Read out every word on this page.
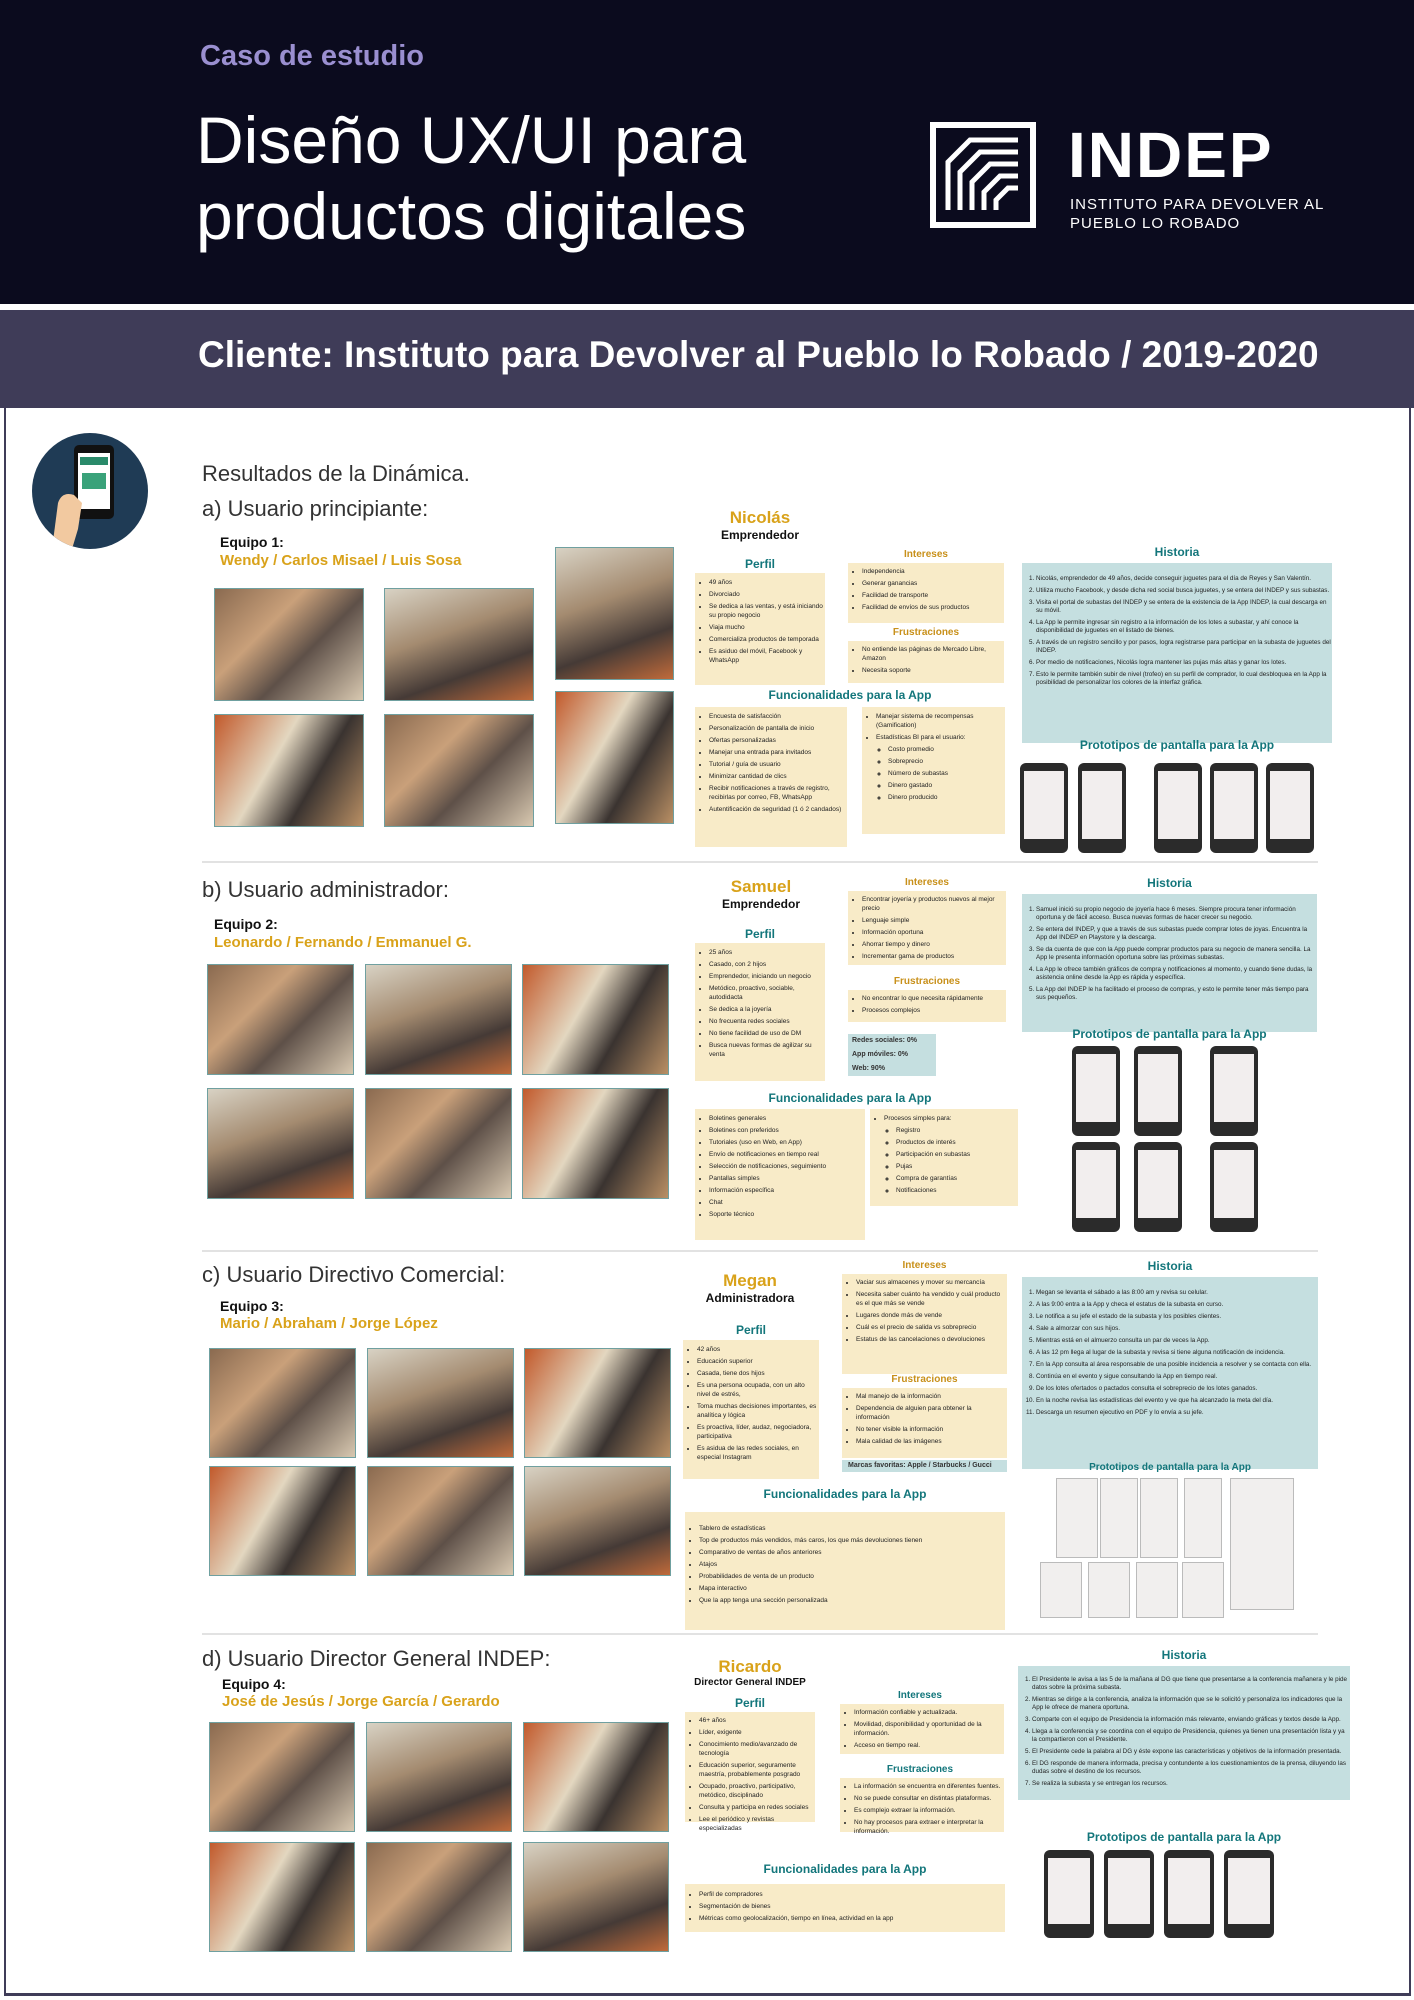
Caso de estudio
Diseño UX/UI para productos digitales
INDEP
INSTITUTO PARA DEVOLVER AL PUEBLO LO ROBADO
Cliente: Instituto para Devolver al Pueblo lo Robado / 2019-2020
Resultados de la Dinámica.
a) Usuario principiante:
Equipo 1:
Wendy / Carlos Misael / Luis Sosa
Nicolás
Emprendedor
Perfil
• 49 años
• Divorciado
• Se dedica a las ventas, y está iniciando su propio negocio
• Viaja mucho
• Comercializa productos de temporada
• Es asiduo del móvil, Facebook y WhatsApp
Intereses
• Independencia
• Generar ganancias
• Facilidad de transporte
• Facilidad de envíos de sus productos
Frustraciones
• No entiende las páginas de Mercado Libre, Amazon
• Necesita soporte
Funcionalidades para la App
• Encuesta de satisfacción
• Personalización de pantalla de inicio
• Ofertas personalizadas
• Manejar una entrada para invitados
• Tutorial / guía de usuario
• Minimizar cantidad de clics
• Recibir notificaciones a través de registro, recibirlas por correo, FB, WhatsApp
• Autentificación de seguridad (1 ó 2 candados)
• Manejar sistema de recompensas (Gamification)
• Estadísticas BI para el usuario:
◦ Costo promedio
◦ Sobreprecio
◦ Número de subastas
◦ Dinero gastado
◦ Dinero producido
Historia
1. Nicolás, emprendedor de 49 años, decide conseguir juguetes para el día de Reyes y San Valentín.
2. Utiliza mucho Facebook, y desde dicha red social busca juguetes, y se entera del INDEP y sus subastas.
3. Visita el portal de subastas del INDEP y se entera de la existencia de la App INDEP, la cual descarga en su móvil.
4. La App le permite ingresar sin registro a la información de los lotes a subastar, y ahí conoce la disponibilidad de juguetes en el listado de bienes.
5. A través de un registro sencillo y por pasos, logra registrarse para participar en la subasta de juguetes del INDEP.
6. Por medio de notificaciones, Nicolás logra mantener las pujas más altas y ganar los lotes.
7. Esto le permite también subir de nivel (trofeo) en su perfil de comprador, lo cual desbloquea en la App la posibilidad de personalizar los colores de la interfaz gráfica.
Prototipos de pantalla para la App
b) Usuario administrador:
Equipo 2:
Leonardo / Fernando / Emmanuel G.
Samuel
Emprendedor
Perfil
• 25 años
• Casado, con 2 hijos
• Emprendedor, iniciando un negocio
• Metódico, proactivo, sociable, autodidacta
• Se dedica a la joyería
• No frecuenta redes sociales
• No tiene facilidad de uso de DM
• Busca nuevas formas de agilizar su venta
Intereses
• Encontrar joyería y productos nuevos al mejor precio
• Lenguaje simple
• Información oportuna
• Ahorrar tiempo y dinero
• Incrementar gama de productos
Frustraciones
• No encontrar lo que necesita rápidamente
• Procesos complejos
Redes sociales: 0%
App móviles: 0%
Web: 90%
Funcionalidades para la App
• Boletines generales
• Boletines con preferidos
• Tutoriales (uso en Web, en App)
• Envío de notificaciones en tiempo real
• Selección de notificaciones, seguimiento
• Pantallas simples
• Información específica
• Chat
• Soporte técnico
• Procesos simples para:
◦ Registro
◦ Productos de interés
◦ Participación en subastas
◦ Pujas
◦ Compra de garantías
◦ Notificaciones
Historia
1. Samuel inició su propio negocio de joyería hace 6 meses. Siempre procura tener información oportuna y de fácil acceso. Busca nuevas formas de hacer crecer su negocio.
2. Se entera del INDEP, y que a través de sus subastas puede comprar lotes de joyas. Encuentra la App del INDEP en Playstore y la descarga.
3. Se da cuenta de que con la App puede comprar productos para su negocio de manera sencilla. La App le presenta información oportuna sobre las próximas subastas.
4. La App le ofrece también gráficos de compra y notificaciones al momento, y cuando tiene dudas, la asistencia online desde la App es rápida y específica.
5. La App del INDEP le ha facilitado el proceso de compras, y esto le permite tener más tiempo para sus pequeños.
Prototipos de pantalla para la App
c) Usuario Directivo Comercial:
Equipo 3:
Mario / Abraham / Jorge López
Megan
Administradora
Perfil
• 42 años
• Educación superior
• Casada, tiene dos hijos
• Es una persona ocupada, con un alto nivel de estrés,
• Toma muchas decisiones importantes, es analítica y lógica
• Es proactiva, líder, audaz, negociadora, participativa
• Es asidua de las redes sociales, en especial Instagram
Intereses
• Vaciar sus almacenes y mover su mercancía
• Necesita saber cuánto ha vendido y cuál producto es el que más se vende
• Lugares donde más de vende
• Cuál es el precio de salida vs sobreprecio
• Estatus de las cancelaciones o devoluciones
Frustraciones
• Mal manejo de la información
• Dependencia de alguien para obtener la información
• No tener visible la información
• Mala calidad de las imágenes
Marcas favoritas: Apple / Starbucks / Gucci
Funcionalidades para la App
• Tablero de estadísticas
• Top de productos más vendidos, más caros, los que más devoluciones tienen
• Comparativo de ventas de años anteriores
• Atajos
• Probabilidades de venta de un producto
• Mapa interactivo
• Que la app tenga una sección personalizada
Historia
1. Megan se levanta el sábado a las 8:00 am y revisa su celular.
2. A las 9:00 entra a la App y checa el estatus de la subasta en curso.
3. Le notifica a su jefe el estado de la subasta y los posibles clientes.
4. Sale a almorzar con sus hijos.
5. Mientras está en el almuerzo consulta un par de veces la App.
6. A las 12 pm llega al lugar de la subasta y revisa si tiene alguna notificación de incidencia.
7. En la App consulta al área responsable de una posible incidencia a resolver y se contacta con ella.
8. Continúa en el evento y sigue consultando la App en tiempo real.
9. De los lotes ofertados o pactados consulta el sobreprecio de los lotes ganados.
10. En la noche revisa las estadísticas del evento y ve que ha alcanzado la meta del día.
11. Descarga un resumen ejecutivo en PDF y lo envía a su jefe.
Prototipos de pantalla para la App
d) Usuario Director General INDEP:
Equipo 4:
José de Jesús / Jorge García / Gerardo
Ricardo
Director General INDEP
Perfil
• 46+ años
• Líder, exigente
• Conocimiento medio/avanzado de tecnología
• Educación superior, seguramente maestría, probablemente posgrado
• Ocupado, proactivo, participativo, metódico, disciplinado
• Consulta y participa en redes sociales
• Lee el periódico y revistas especializadas
Intereses
• Información confiable y actualizada.
• Movilidad, disponibilidad y oportunidad de la información.
• Acceso en tiempo real.
Frustraciones
• La información se encuentra en diferentes fuentes.
• No se puede consultar en distintas plataformas.
• Es complejo extraer la información.
• No hay procesos para extraer e interpretar la información.
Funcionalidades para la App
• Perfil de compradores
• Segmentación de bienes
• Métricas como geolocalización, tiempo en línea, actividad en la app
Historia
1. El Presidente le avisa a las 5 de la mañana al DG que tiene que presentarse a la conferencia mañanera y le pide datos sobre la próxima subasta.
2. Mientras se dirige a la conferencia, analiza la información que se le solicitó y personaliza los indicadores que la App le ofrece de manera oportuna.
3. Comparte con el equipo de Presidencia la información más relevante, enviando gráficas y textos desde la App.
4. Llega a la conferencia y se coordina con el equipo de Presidencia, quienes ya tienen una presentación lista y ya la compartieron con el Presidente.
5. El Presidente cede la palabra al DG y éste expone las características y objetivos de la información presentada.
6. El DG responde de manera informada, precisa y contundente a los cuestionamientos de la prensa, diluyendo las dudas sobre el destino de los recursos.
7. Se realiza la subasta y se entregan los recursos.
Prototipos de pantalla para la App
